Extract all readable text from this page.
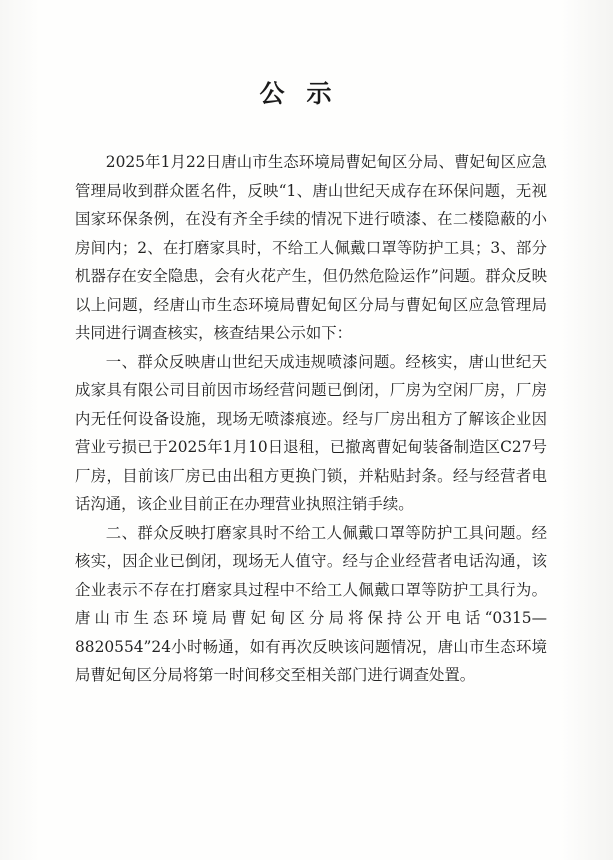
公示

2025年1月22日唐山市生态环境局曹妃甸区分局、曹妃甸区应急管理局收到群众匿名件，反映“1、唐山世纪天成存在环保问题，无视国家环保条例，在没有齐全手续的情况下进行喷漆、在二楼隐蔽的小房间内；2、在打磨家具时，不给工人佩戴口罩等防护工具；3、部分机器存在安全隐患，会有火花产生，但仍然危险运作”问题。群众反映以上问题，经唐山市生态环境局曹妃甸区分局与曹妃甸区应急管理局共同进行调查核实，核查结果公示如下：

一、群众反映唐山世纪天成违规喷漆问题。经核实，唐山世纪天成家具有限公司目前因市场经营问题已倒闭，厂房为空闲厂房，厂房内无任何设备设施，现场无喷漆痕迹。经与厂房出租方了解该企业因营业亏损已于2025年1月10日退租，已撤离曹妃甸装备制造区C27号厂房，目前该厂房已由出租方更换门锁，并粘贴封条。经与经营者电话沟通，该企业目前正在办理营业执照注销手续。

二、群众反映打磨家具时不给工人佩戴口罩等防护工具问题。经核实，因企业已倒闭，现场无人值守。经与企业经营者电话沟通，该企业表示不存在打磨家具过程中不给工人佩戴口罩等防护工具行为。唐山市生态环境局曹妃甸区分局将保持公开电话“0315—8820554”24小时畅通，如有再次反映该问题情况，唐山市生态环境局曹妃甸区分局将第一时间移交至相关部门进行调查处置。
